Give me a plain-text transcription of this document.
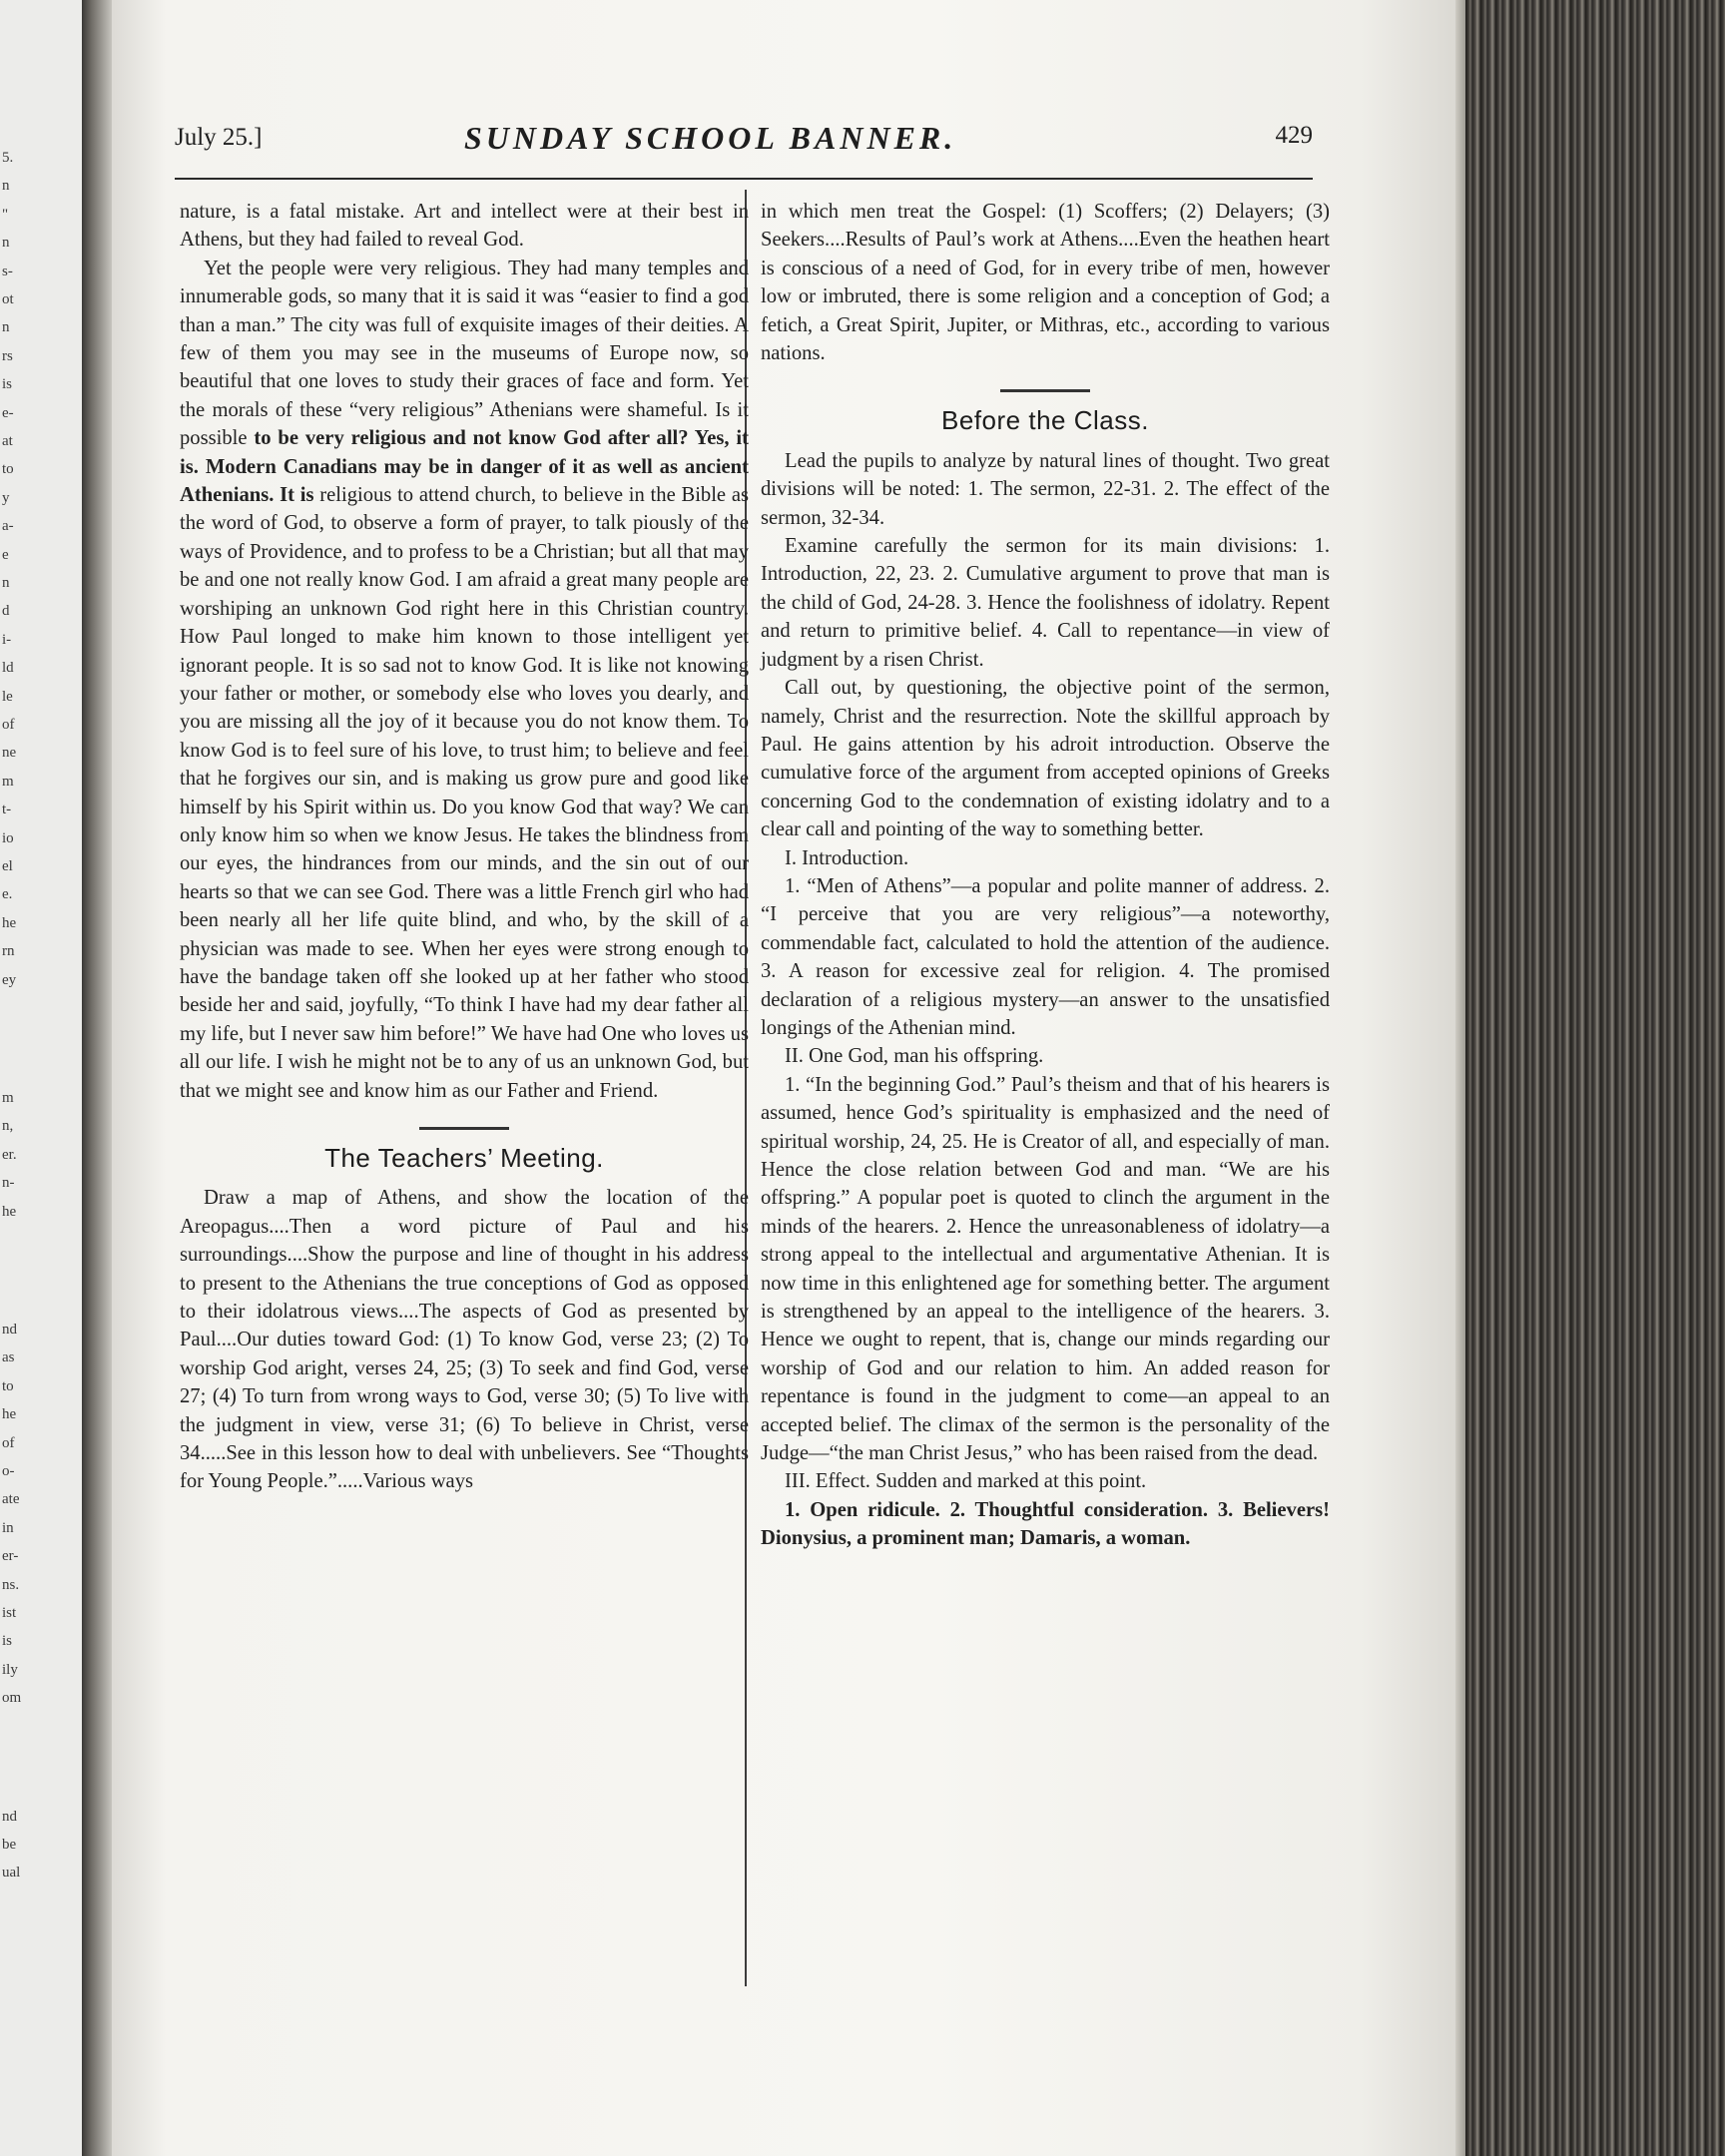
5.
n
"
n
s-
ot
n
rs
is
e-
at
to
y
a-
e
n
d
i-
ld
le
of
ne
m
t-
io
el
e.
he
rn
ey
m
n,
er.
n-
he
nd
as
to
he
of
o-
ate
in
er-
ns.
ist
is
ily
om
nd
be
ual
July 25.]	SUNDAY SCHOOL BANNER.	429

nature, is a fatal mistake. Art and intellect were at their best in Athens, but they had failed to reveal God.

Yet the people were very religious. They had many temples and innumerable gods, so many that it is said it was “easier to find a god than a man.” The city was full of exquisite images of their deities. A few of them you may see in the museums of Europe now, so beautiful that one loves to study their graces of face and form. Yet the morals of these “very religious” Athenians were shameful. Is it possible to be very religious and not know God after all? Yes, it is. Modern Canadians may be in danger of it as well as ancient Athenians. It is religious to attend church, to believe in the Bible as the word of God, to observe a form of prayer, to talk piously of the ways of Providence, and to profess to be a Christian; but all that may be and one not really know God. I am afraid a great many people are worshiping an unknown God right here in this Christian country. How Paul longed to make him known to those intelligent yet ignorant people. It is so sad not to know God. It is like not knowing your father or mother, or somebody else who loves you dearly, and you are missing all the joy of it because you do not know them. To know God is to feel sure of his love, to trust him; to believe and feel that he forgives our sin, and is making us grow pure and good like himself by his Spirit within us. Do you know God that way? We can only know him so when we know Jesus. He takes the blindness from our eyes, the hindrances from our minds, and the sin out of our hearts so that we can see God. There was a little French girl who had been nearly all her life quite blind, and who, by the skill of a physician was made to see. When her eyes were strong enough to have the bandage taken off she looked up at her father who stood beside her and said, joyfully, “To think I have had my dear father all my life, but I never saw him before!” We have had One who loves us all our life. I wish he might not be to any of us an unknown God, but that we might see and know him as our Father and Friend.

The Teachers’ Meeting.

Draw a map of Athens, and show the location of the Areopagus....Then a word picture of Paul and his surroundings....Show the purpose and line of thought in his address to present to the Athenians the true conceptions of God as opposed to their idolatrous views....The aspects of God as presented by Paul....Our duties toward God: (1) To know God, verse 23; (2) To worship God aright, verses 24, 25; (3) To seek and find God, verse 27; (4) To turn from wrong ways to God, verse 30; (5) To live with the judgment in view, verse 31; (6) To believe in Christ, verse 34.....See in this lesson how to deal with unbelievers. See “Thoughts for Young People.”.....Various ways

in which men treat the Gospel: (1) Scoffers; (2) Delayers; (3) Seekers....Results of Paul’s work at Athens....Even the heathen heart is conscious of a need of God, for in every tribe of men, however low or imbruted, there is some religion and a conception of God; a fetich, a Great Spirit, Jupiter, or Mithras, etc., according to various nations.

Before the Class.

Lead the pupils to analyze by natural lines of thought. Two great divisions will be noted: 1. The sermon, 22-31. 2. The effect of the sermon, 32-34.

Examine carefully the sermon for its main divisions: 1. Introduction, 22, 23. 2. Cumulative argument to prove that man is the child of God, 24-28. 3. Hence the foolishness of idolatry. Repent and return to primitive belief. 4. Call to repentance—in view of judgment by a risen Christ.

Call out, by questioning, the objective point of the sermon, namely, Christ and the resurrection. Note the skillful approach by Paul. He gains attention by his adroit introduction. Observe the cumulative force of the argument from accepted opinions of Greeks concerning God to the condemnation of existing idolatry and to a clear call and pointing of the way to something better.

I. Introduction.

1. “Men of Athens”—a popular and polite manner of address. 2. “I perceive that you are very religious”—a noteworthy, commendable fact, calculated to hold the attention of the audience. 3. A reason for excessive zeal for religion. 4. The promised declaration of a religious mystery—an answer to the unsatisfied longings of the Athenian mind.

II. One God, man his offspring.

1. “In the beginning God.” Paul’s theism and that of his hearers is assumed, hence God’s spirituality is emphasized and the need of spiritual worship, 24, 25. He is Creator of all, and especially of man. Hence the close relation between God and man. “We are his offspring.” A popular poet is quoted to clinch the argument in the minds of the hearers. 2. Hence the unreasonableness of idolatry—a strong appeal to the intellectual and argumentative Athenian. It is now time in this enlightened age for something better. The argument is strengthened by an appeal to the intelligence of the hearers. 3. Hence we ought to repent, that is, change our minds regarding our worship of God and our relation to him. An added reason for repentance is found in the judgment to come—an appeal to an accepted belief. The climax of the sermon is the personality of the Judge—“the man Christ Jesus,” who has been raised from the dead.

III. Effect. Sudden and marked at this point.

1. Open ridicule. 2. Thoughtful consideration. 3. Believers! Dionysius, a prominent man; Damaris, a woman.
